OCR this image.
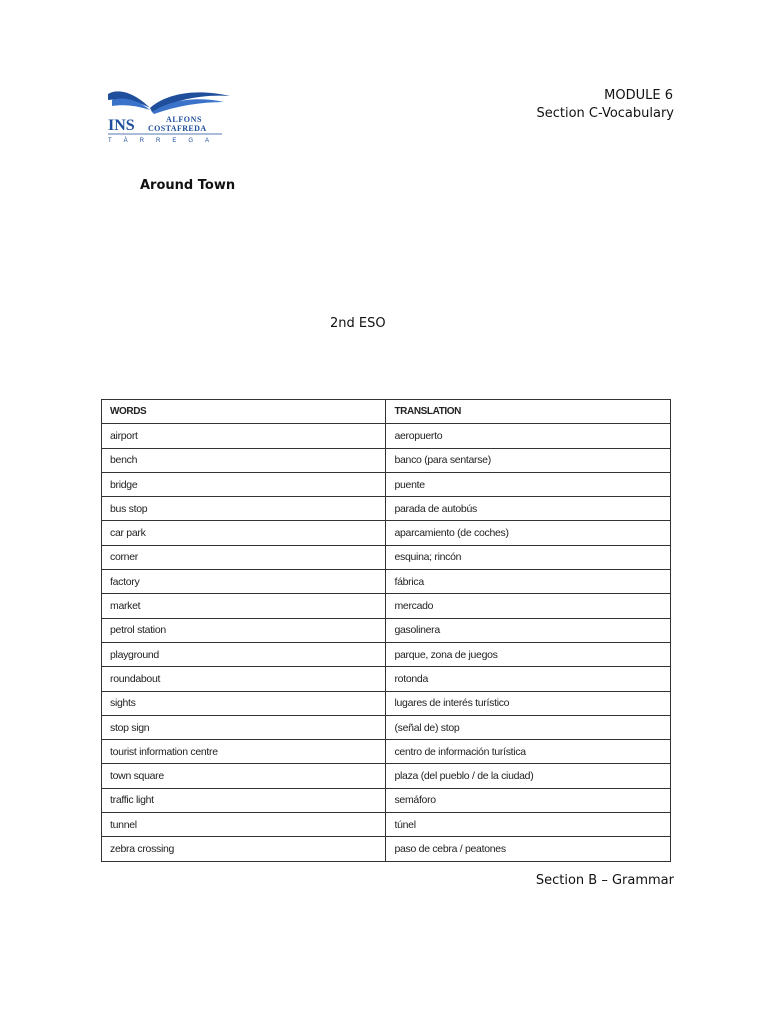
INS	ALFONS
COSTAFREDA
TÀRREGA
MODULE 6
Section C-Vocabulary
Around Town
2nd ESO
WORDS	TRANSLATION
airport	aeropuerto
bench	banco (para sentarse)
bridge	puente
bus stop	parada de autobús
car park	aparcamiento (de coches)
corner	esquina; rincón
factory	fábrica
market	mercado
petrol station	gasolinera
playground	parque, zona de juegos
roundabout	rotonda
sights	lugares de interés turístico
stop sign	(señal de) stop
tourist information centre	centro de información turística
town square	plaza (del pueblo / de la ciudad)
traffic light	semáforo
tunnel	túnel
zebra crossing	paso de cebra / peatones
Section B – Grammar
